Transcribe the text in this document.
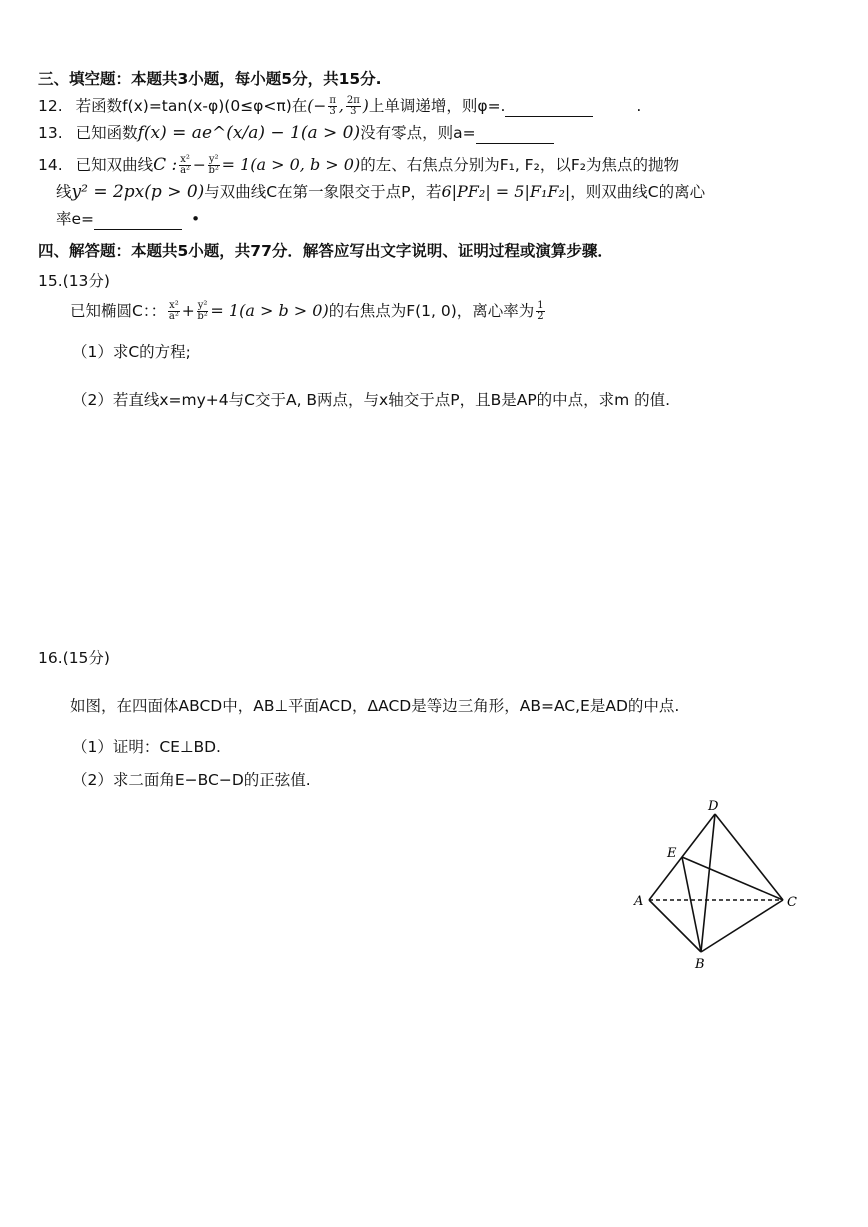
三、填空题：本题共3小题，每小题5分，共15分.
12. 若函数f(x)=tan(x-φ)(0≤φ<π)在(− $\frac{\pi}{3}$ , $\frac{2\pi}{3}$ )上单调递增，则φ=.	.
13. 已知函数f(x) = ae^(x/a) − 1(a > 0)没有零点，则a=
14. 已知双曲线C : $\frac{\text{x²}}{\text{a²}} - \frac{\text{y²}}{\text{b²}} = 1(a > 0$, b > 0)的左、右焦点分别为F₁, F₂，以F₂为焦点的抛物
线y² = 2px(p > 0)与双曲线C在第一象限交于点P，若6|PF₂| = 5|F₁F₂|，则双曲线C的离心
率e=	•
四、解答题：本题共5小题，共77分．解答应写出文字说明、证明过程或演算步骤．
15.(13分)
已知椭圆C：： $\frac{\text{x²}}{\text{a²}} + \frac{\text{y²}}{\text{b²}} = 1(a > b > 0)$的右焦点为F(1, 0)，离心率为 $\frac{1}{2}$
（1）求C的方程;
（2）若直线x=my+4与C交于A, B两点，与x轴交于点P，且B是AP的中点，求m 的值.
16.(15分)
如图，在四面体ABCD中，AB⊥平面ACD，ΔACD是等边三角形，AB=AC,E是AD的中点.
（1）证明：CE⊥BD.
（2）求二面角E−BC−D的正弦值.
D
E
A	C
B
